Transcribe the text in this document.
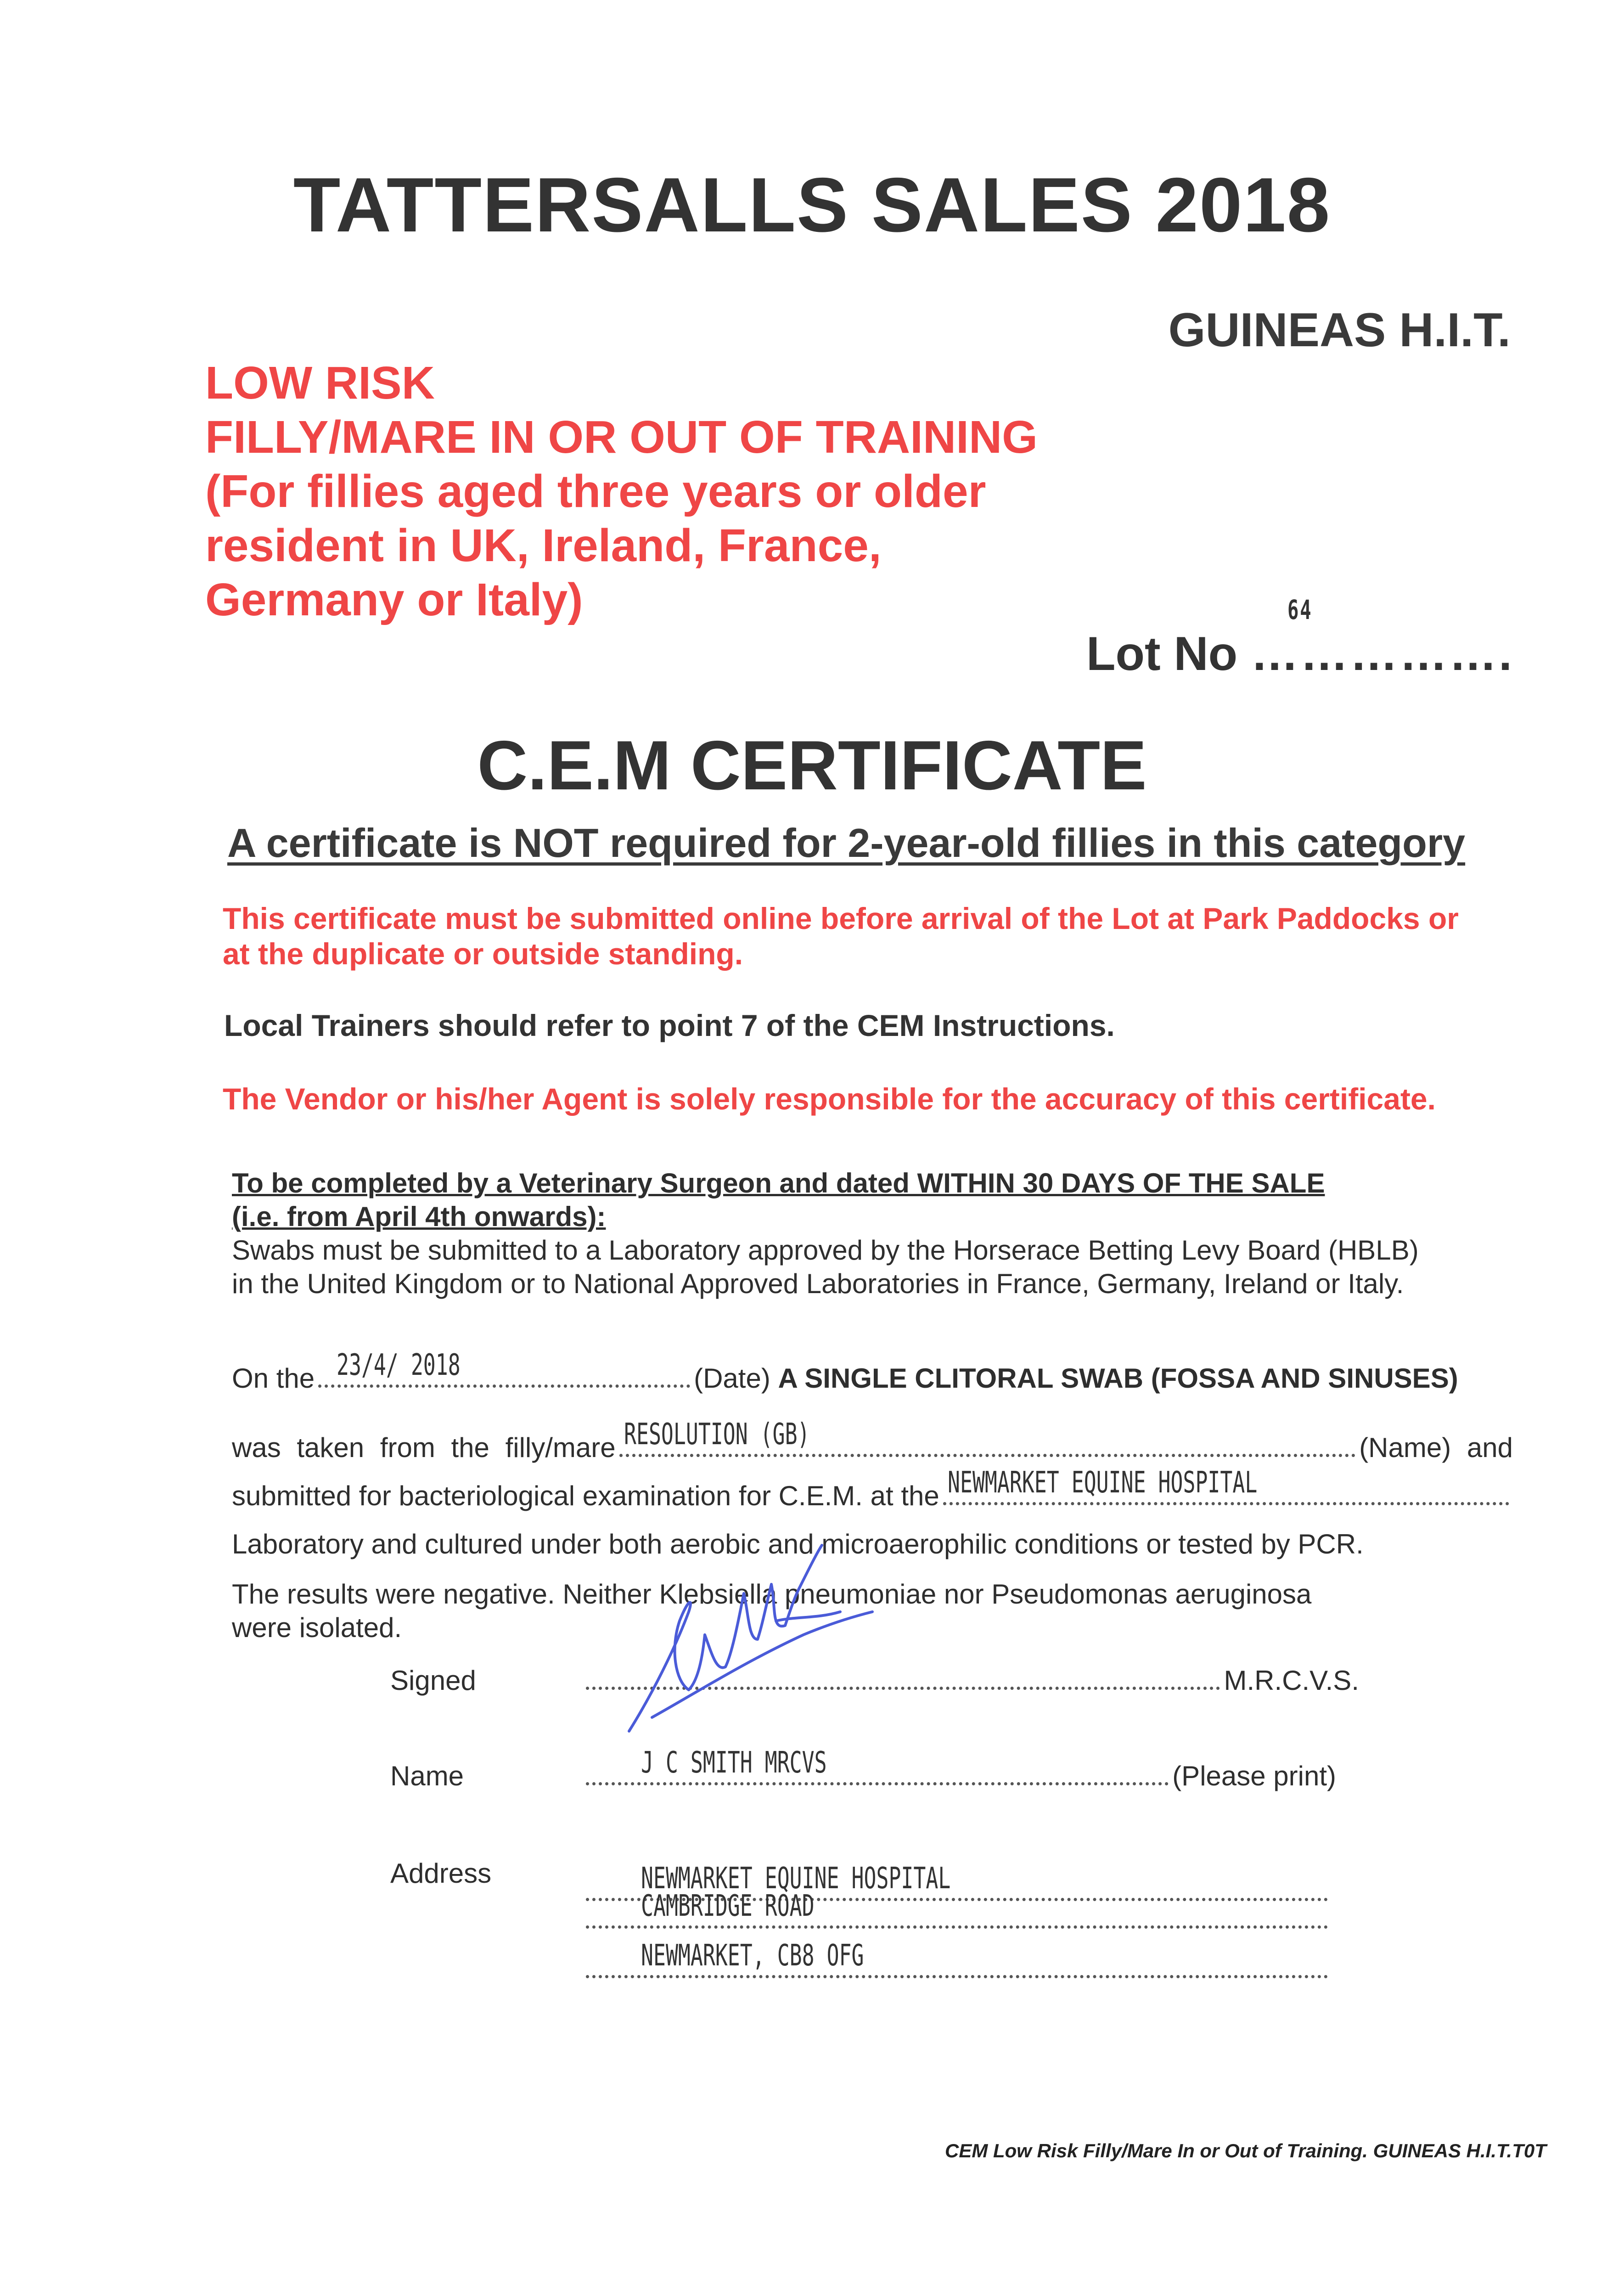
TATTERSALLS SALES 2018
GUINEAS H.I.T.
LOW RISK
FILLY/MARE IN OR OUT OF TRAINING
(For fillies aged three years or older
resident in UK, Ireland, France,
Germany or Italy)
Lot No
…………….
64
C.E.M CERTIFICATE
A certificate is NOT required for 2-year-old fillies in this category
This certificate must be submitted online before arrival of the Lot at Park Paddocks or
at the duplicate or outside standing.
Local Trainers should refer to point 7 of the CEM Instructions.
The Vendor or his/her Agent is solely responsible for the accuracy of this certificate.
To be completed by a Veterinary Surgeon and dated WITHIN 30 DAYS OF THE SALE
(i.e. from April 4th onwards):
Swabs must be submitted to a Laboratory approved by the Horserace Betting Levy Board (HBLB)
in the United Kingdom or to National Approved Laboratories in France, Germany, Ireland or Italy.
On the 23/4/ 2018	(Date)
A SINGLE CLITORAL SWAB (FOSSA AND SINUSES)
was taken from the filly/mare RESOLUTION (GB)	(Name) and
submitted for bacteriological examination for C.E.M. at the NEWMARKET EQUINE HOSPITAL
Laboratory and cultured under both aerobic and microaerophilic conditions or tested by PCR.
The results were negative. Neither Klebsiella pneumoniae nor Pseudomonas aeruginosa
were isolated.
Signed	M.R.C.V.S.
Name	J C SMITH MRCVS	(Please print)
Address	NEWMARKET EQUINE HOSPITAL
CAMBRIDGE ROAD
NEWMARKET, CB8 OFG
CEM Low Risk Filly/Mare In or Out of Training. GUINEAS H.I.T.T0T
